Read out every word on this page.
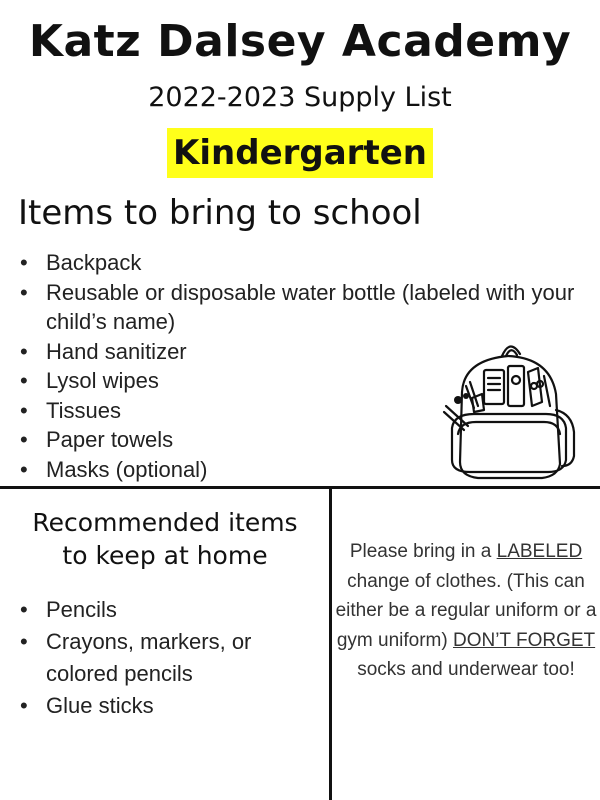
Katz Dalsey Academy
2022-2023 Supply List
Kindergarten
Items to bring to school
• Backpack
• Reusable or disposable water bottle (labeled with your child’s name)
• Hand sanitizer
• Lysol wipes
• Tissues
• Paper towels
• Masks (optional)
Recommended items
to keep at home
• Pencils
• Crayons, markers, or colored pencils
• Glue sticks
Please bring in a LABELED change of clothes. (This can either be a regular uniform or a gym uniform) DON’T FORGET socks and underwear too!
